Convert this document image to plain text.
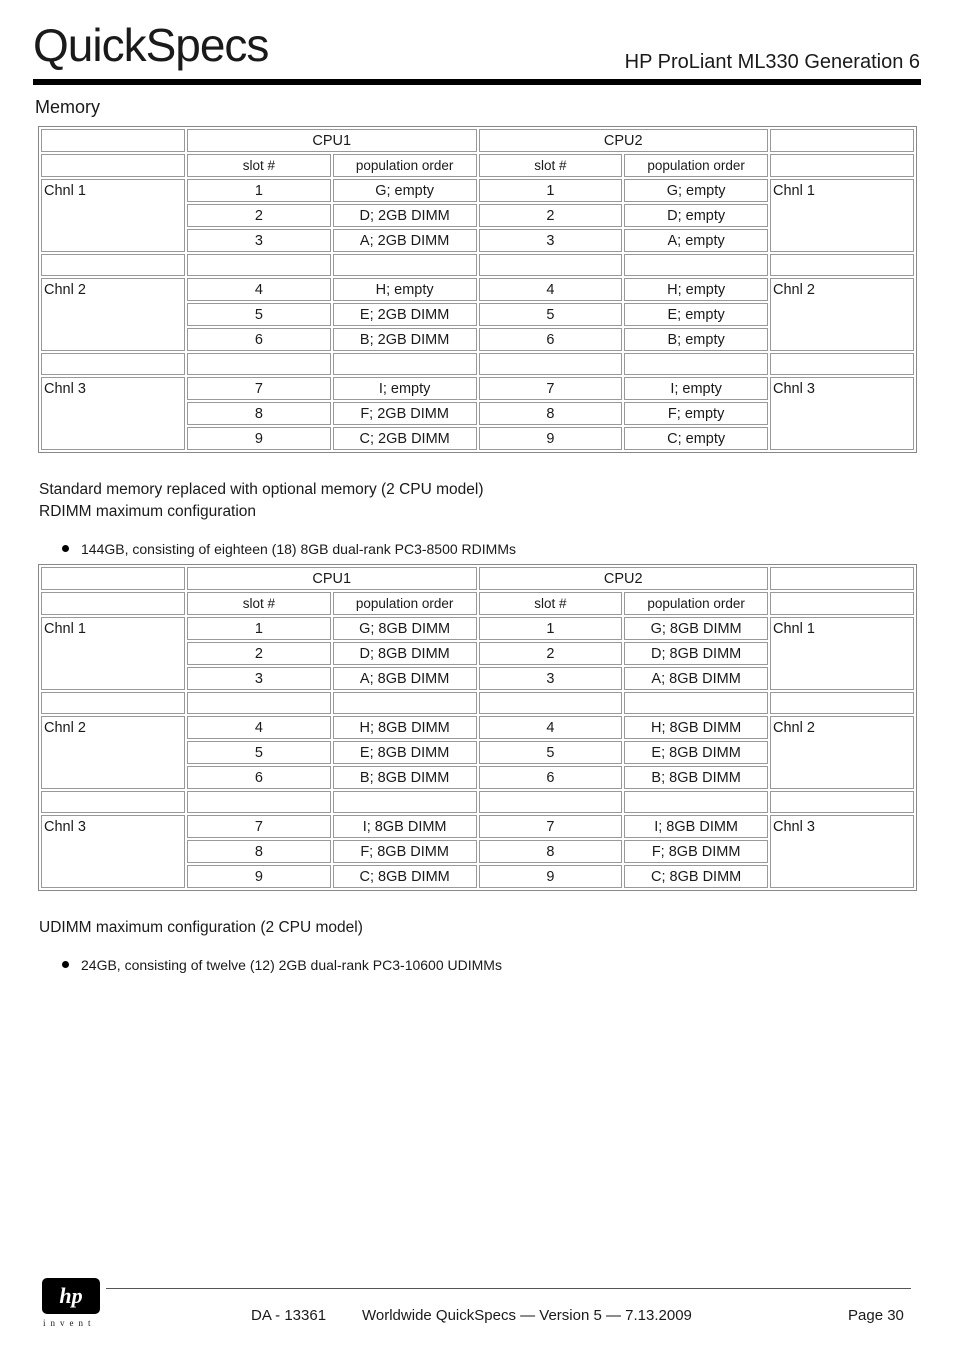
QuickSpecs	HP ProLiant ML330 Generation 6
Memory
	CPU1		CPU2		
	slot #	population order	slot #	population order	
Chnl 1	1	G; empty	1	G; empty	Chnl 1
	2	D; 2GB DIMM	2	D; empty	
	3	A; 2GB DIMM	3	A; empty	

Chnl 2	4	H; empty	4	H; empty	Chnl 2
	5	E; 2GB DIMM	5	E; empty	
	6	B; 2GB DIMM	6	B; empty	

Chnl 3	7	I; empty	7	I; empty	Chnl 3
	8	F; 2GB DIMM	8	F; empty	
	9	C; 2GB DIMM	9	C; empty	
Standard memory replaced with optional memory (2 CPU model)
RDIMM maximum configuration
144GB, consisting of eighteen (18) 8GB dual-rank PC3-8500 RDIMMs
	CPU1		CPU2		
	slot #	population order	slot #	population order	
Chnl 1	1	G; 8GB DIMM	1	G; 8GB DIMM	Chnl 1
	2	D; 8GB DIMM	2	D; 8GB DIMM	
	3	A; 8GB DIMM	3	A; 8GB DIMM	

Chnl 2	4	H; 8GB DIMM	4	H; 8GB DIMM	Chnl 2
	5	E; 8GB DIMM	5	E; 8GB DIMM	
	6	B; 8GB DIMM	6	B; 8GB DIMM	

Chnl 3	7	I; 8GB DIMM	7	I; 8GB DIMM	Chnl 3
	8	F; 8GB DIMM	8	F; 8GB DIMM	
	9	C; 8GB DIMM	9	C; 8GB DIMM	
UDIMM maximum configuration (2 CPU model)
24GB, consisting of twelve (12) 2GB dual-rank PC3-10600 UDIMMs
hp
invent	DA - 13361 Worldwide QuickSpecs — Version 5 — 7.13.2009	Page 30
